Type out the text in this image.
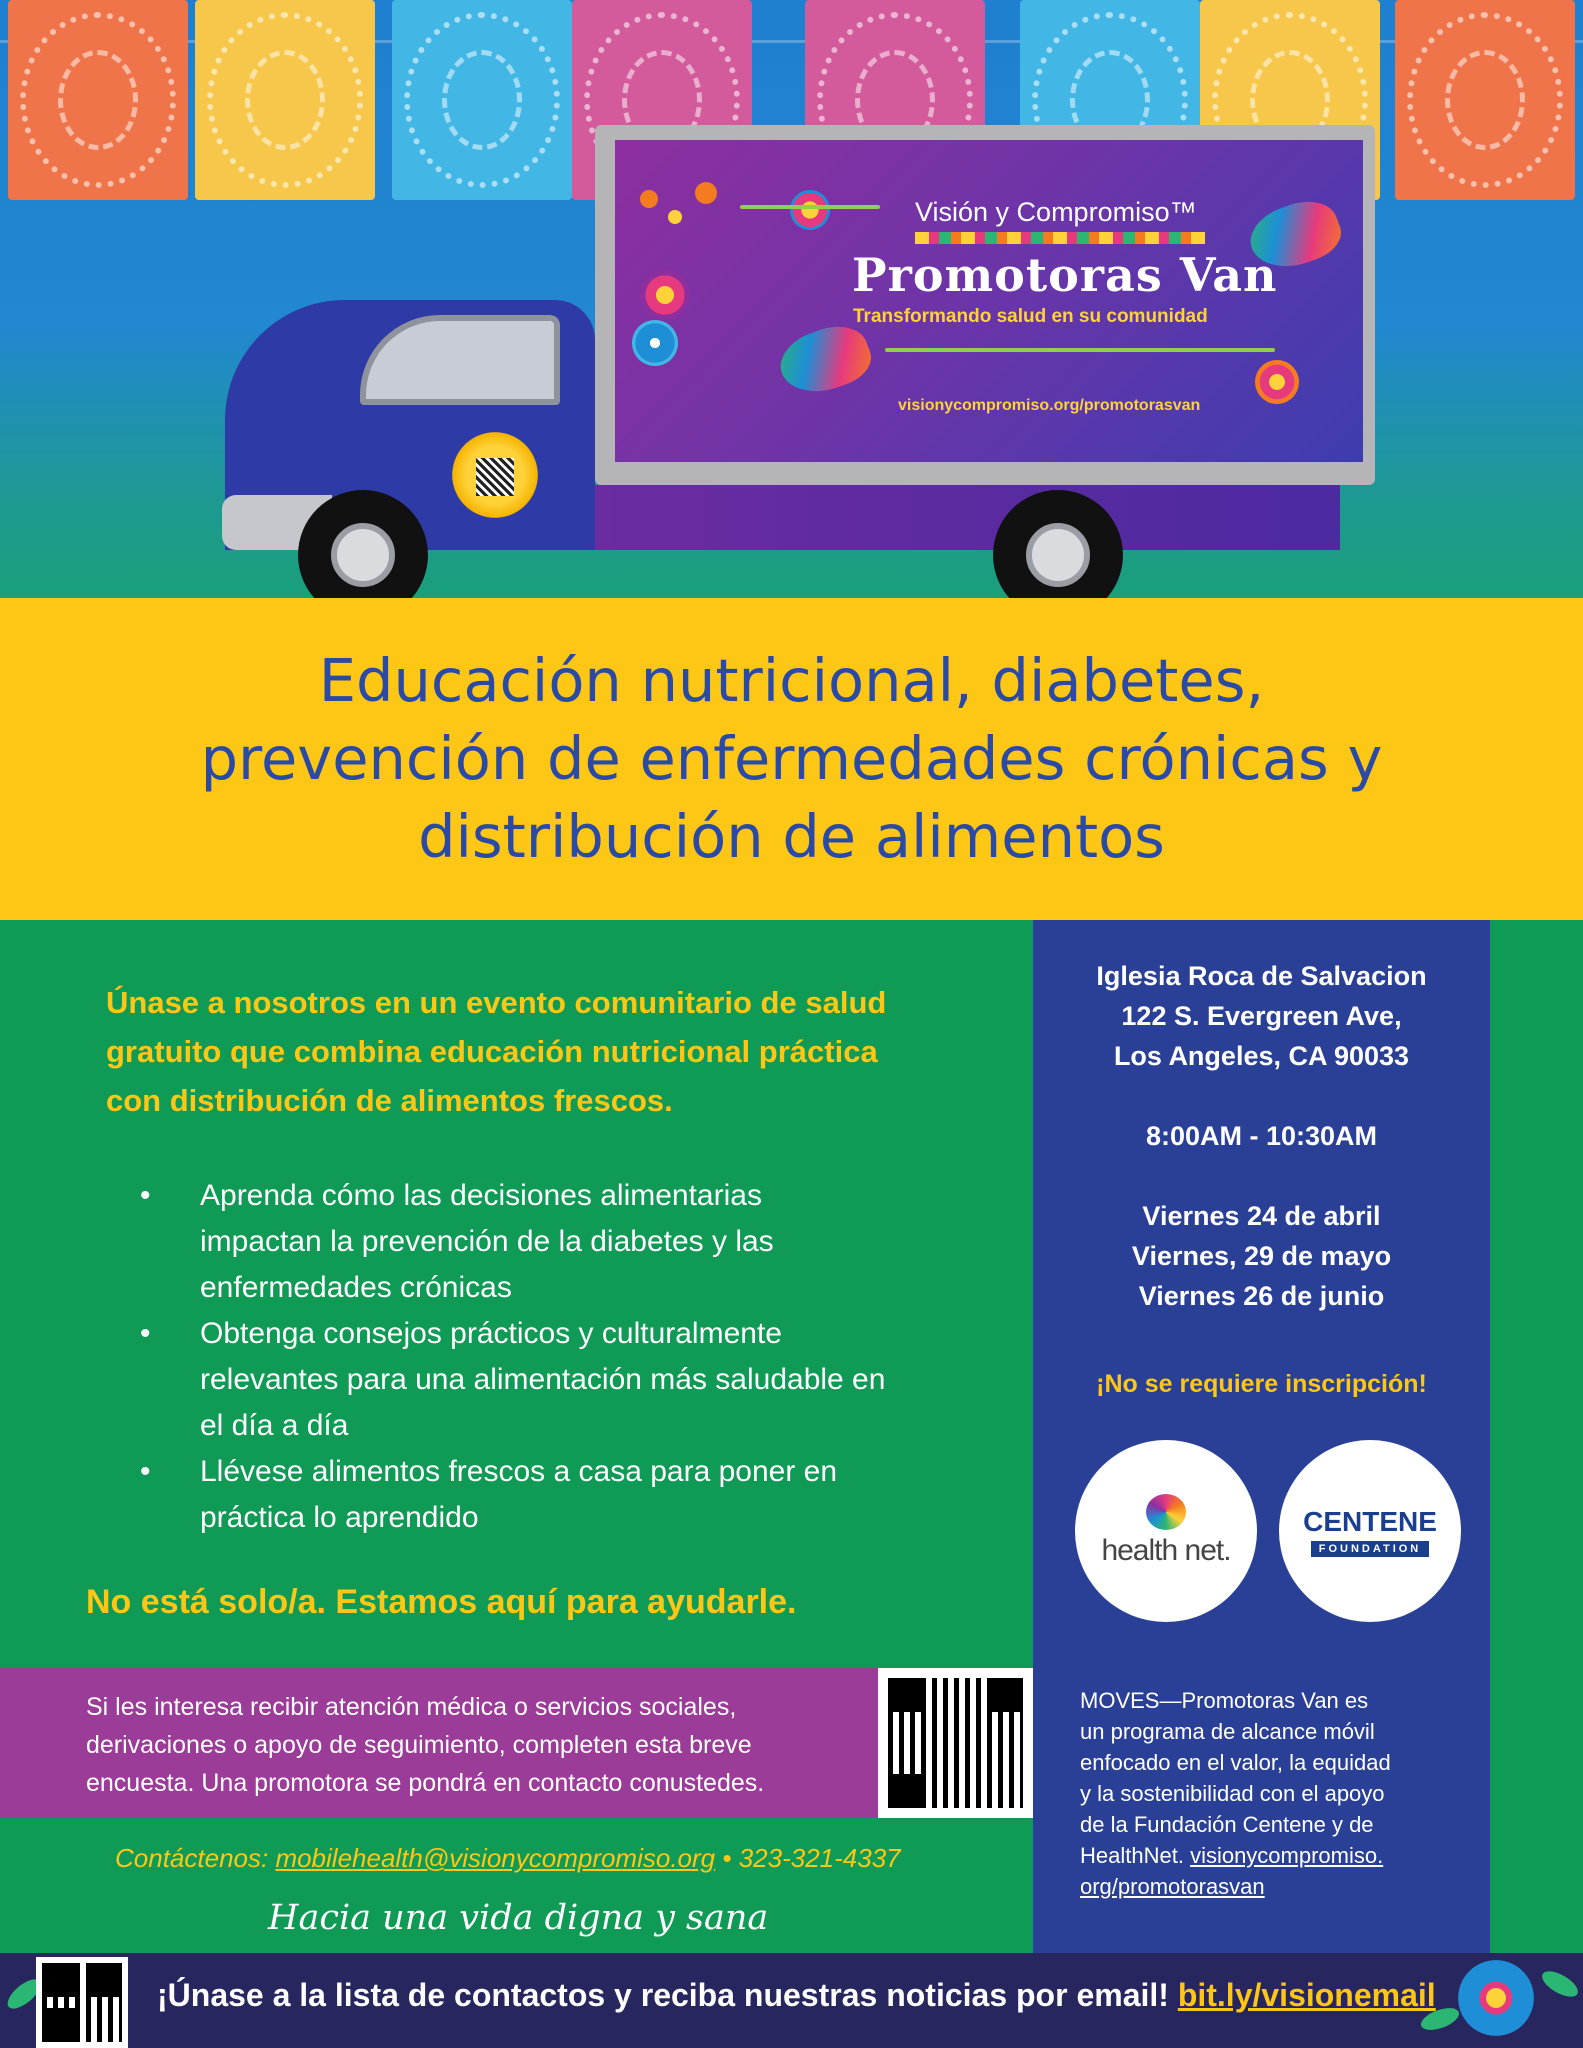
Visión y Compromiso™
Promotoras Van
Transformando salud en su comunidad
visionycompromiso.org/promotorasvan
Educación nutricional, diabetes,
prevención de enfermedades crónicas y
distribución de alimentos
Únase a nosotros en un evento comunitario de salud
gratuito que combina educación nutricional práctica
con distribución de alimentos frescos.
• Aprenda cómo las decisiones alimentarias
impactan la prevención de la diabetes y las
enfermedades crónicas
• Obtenga consejos prácticos y culturalmente
relevantes para una alimentación más saludable en
el día a día
• Llévese alimentos frescos a casa para poner en
práctica lo aprendido
No está solo/a. Estamos aquí para ayudarle.
Si les interesa recibir atención médica o servicios sociales,
derivaciones o apoyo de seguimiento, completen esta breve
encuesta. Una promotora se pondrá en contacto conustedes.
Contáctenos: mobilehealth@visionycompromiso.org • 323-321-4337
Hacia una vida digna y sana
Iglesia Roca de Salvacion
122 S. Evergreen Ave,
Los Angeles, CA 90033
8:00AM - 10:30AM
Viernes 24 de abril
Viernes, 29 de mayo
Viernes 26 de junio
¡No se requiere inscripción!
health net.
CENTENE
FOUNDATION
MOVES—Promotoras Van es
un programa de alcance móvil
enfocado en el valor, la equidad
y la sostenibilidad con el apoyo
de la Fundación Centene y de
HealthNet. visionycompromiso.
org/promotorasvan
¡Únase a la lista de contactos y reciba nuestras noticias por email! bit.ly/visionemail
